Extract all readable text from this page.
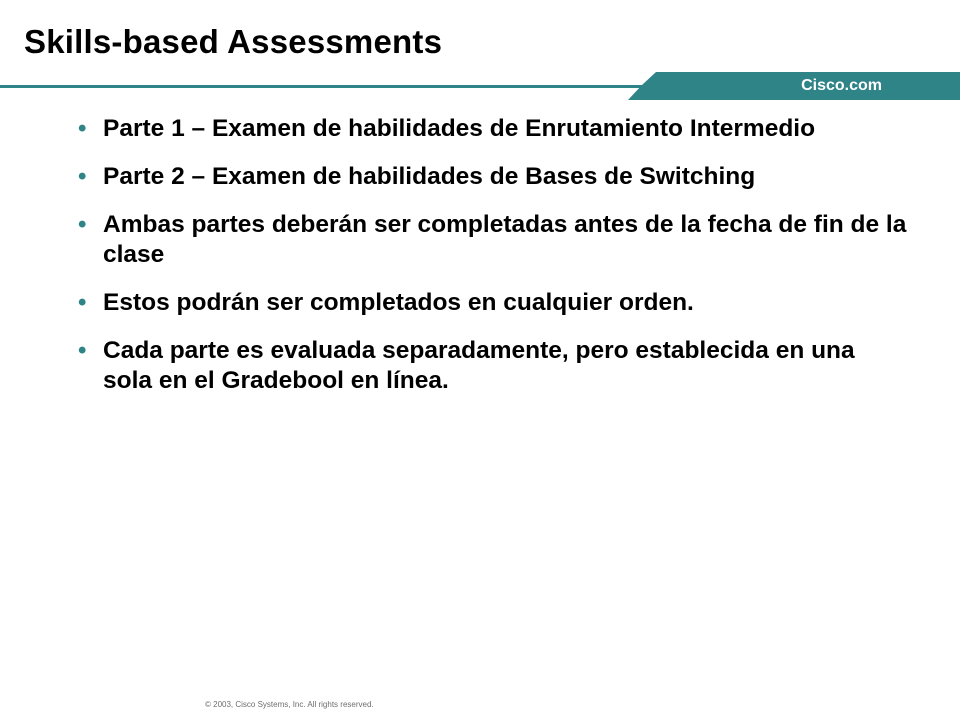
Skills-based Assessments
Cisco.com
• Parte 1 – Examen de habilidades de Enrutamiento Intermedio
• Parte 2 – Examen de habilidades de Bases de Switching
• Ambas partes deberán ser completadas antes de la fecha de fin de la clase
• Estos podrán ser completados en cualquier orden.
• Cada parte es evaluada separadamente, pero establecida en una sola en el Gradebool en línea.
© 2003, Cisco Systems, Inc. All rights reserved.
